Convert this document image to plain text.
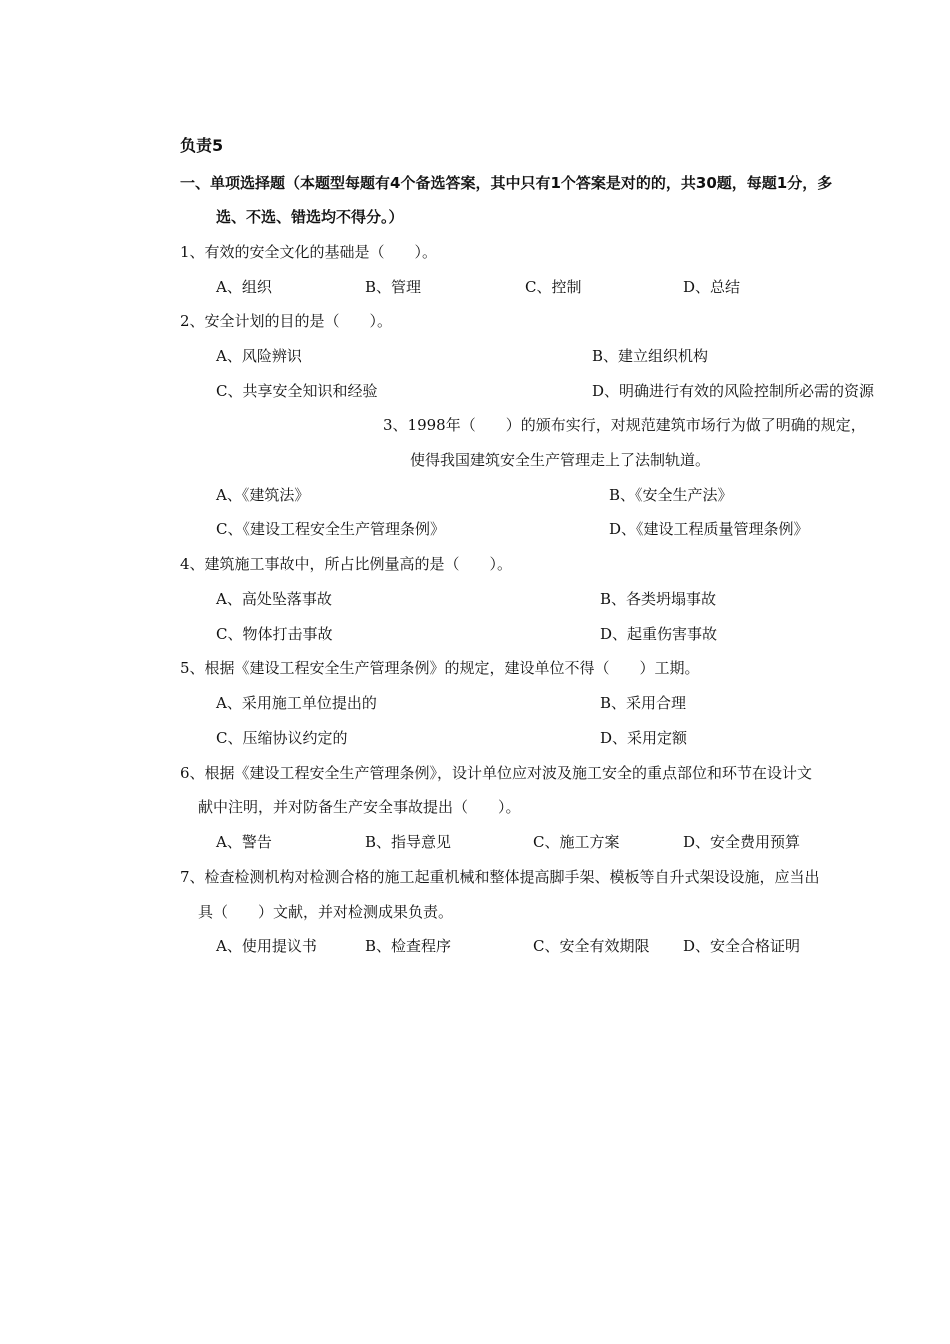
负责5
一、单项选择题（本题型每题有4个备选答案，其中只有1个答案是对的的，共30题，每题1分，多
选、不选、错选均不得分。）
1、有效的安全文化的基础是（　　）。
A、组织	B、管理	C、控制	D、总结
2、安全计划的目的是（　　）。
A、风险辨识	B、建立组织机构
C、共享安全知识和经验	D、明确进行有效的风险控制所必需的资源
3、1998年（　　）的颁布实行，对规范建筑市场行为做了明确的规定，
使得我国建筑安全生产管理走上了法制轨道。
A、《建筑法》	B、《安全生产法》
C、《建设工程安全生产管理条例》	D、《建设工程质量管理条例》
4、建筑施工事故中，所占比例量高的是（　　）。
A、高处坠落事故	B、各类坍塌事故
C、物体打击事故	D、起重伤害事故
5、根据《建设工程安全生产管理条例》的规定，建设单位不得（　　）工期。
A、采用施工单位提出的	B、采用合理
C、压缩协议约定的	D、采用定额
6、根据《建设工程安全生产管理条例》，设计单位应对波及施工安全的重点部位和环节在设计文
献中注明，并对防备生产安全事故提出（　　）。
A、警告	B、指导意见	C、施工方案	D、安全费用预算
7、检查检测机构对检测合格的施工起重机械和整体提高脚手架、模板等自升式架设设施，应当出
具（　　）文献，并对检测成果负责。
A、使用提议书	B、检查程序	C、安全有效期限 D、安全合格证明
